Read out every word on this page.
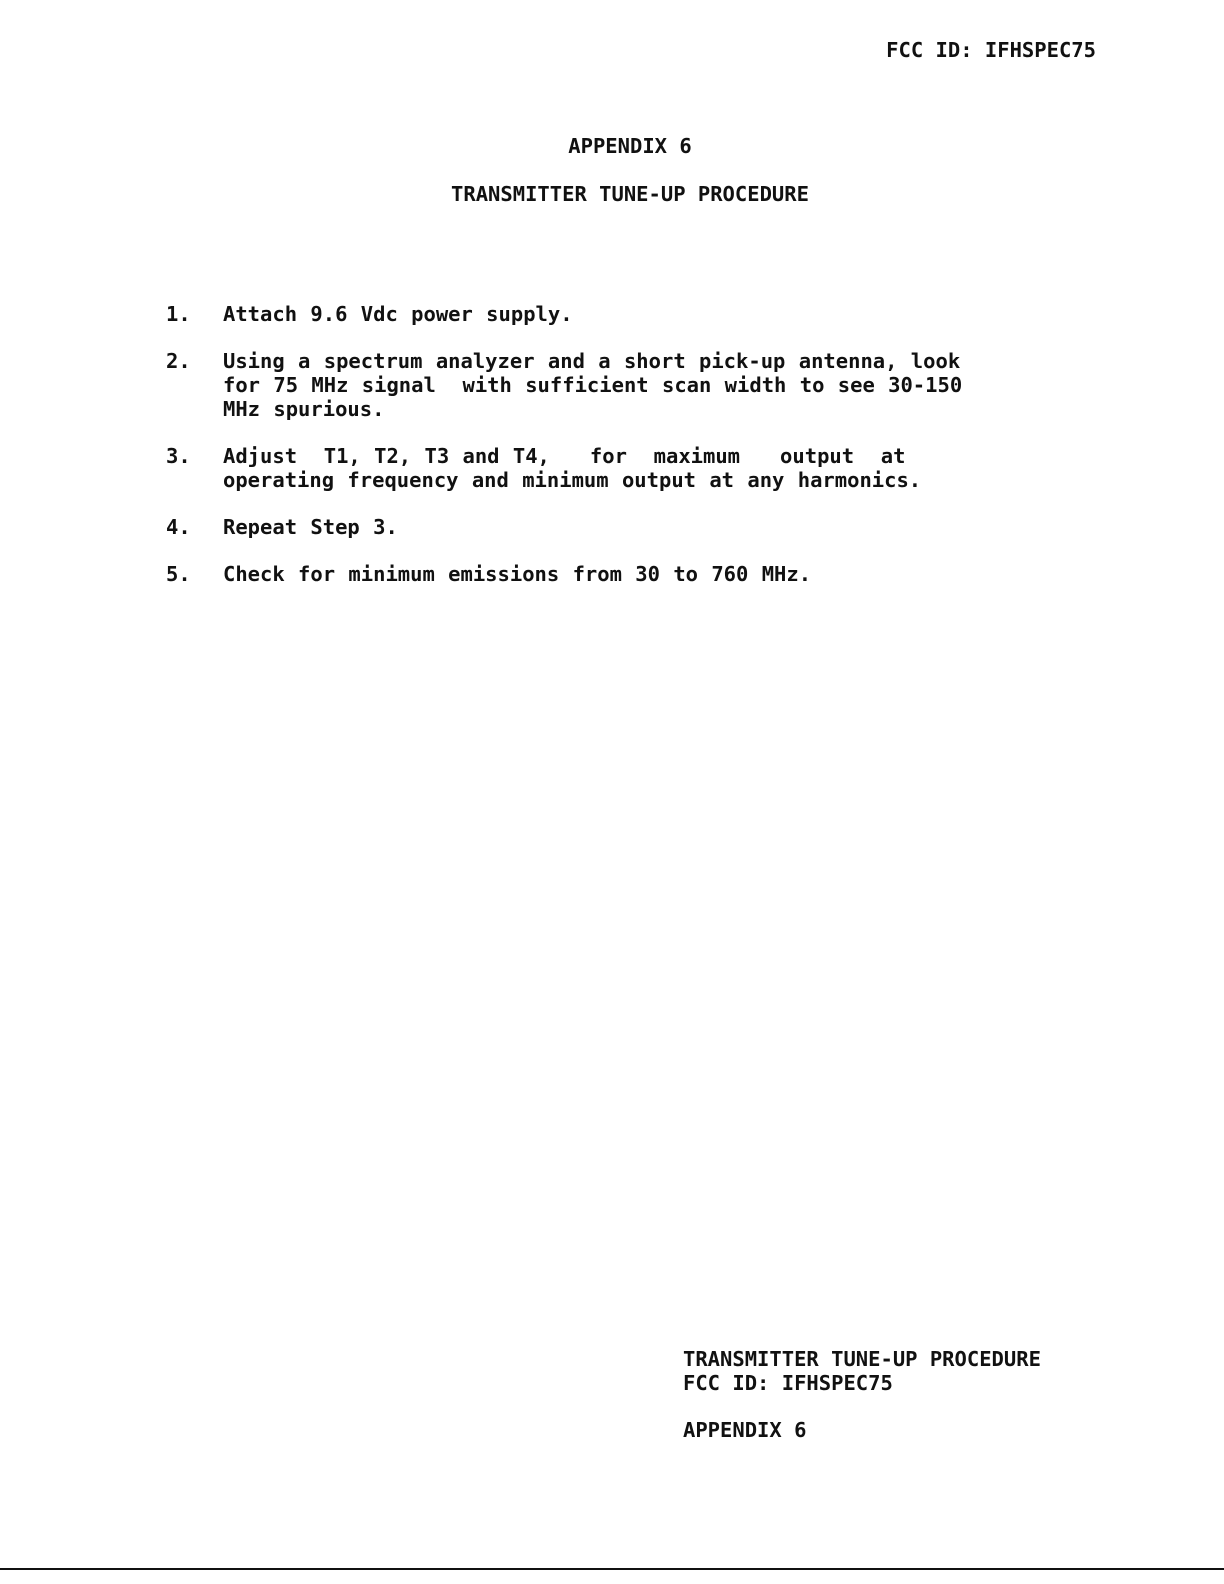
FCC ID: IFHSPEC75
APPENDIX 6
TRANSMITTER TUNE-UP PROCEDURE
1.	Attach 9.6 Vdc power supply.
2.	Using a spectrum analyzer and a short pick-up antenna, look
for 75 MHz signal  with sufficient scan width to see 30-150
MHz spurious.
3.	Adjust  T1, T2, T3 and T4,   for  maximum   output  at
operating frequency and minimum output at any harmonics.
4.	Repeat Step 3.
5.	Check for minimum emissions from 30 to 760 MHz.
TRANSMITTER TUNE-UP PROCEDURE
FCC ID: IFHSPEC75
APPENDIX 6
